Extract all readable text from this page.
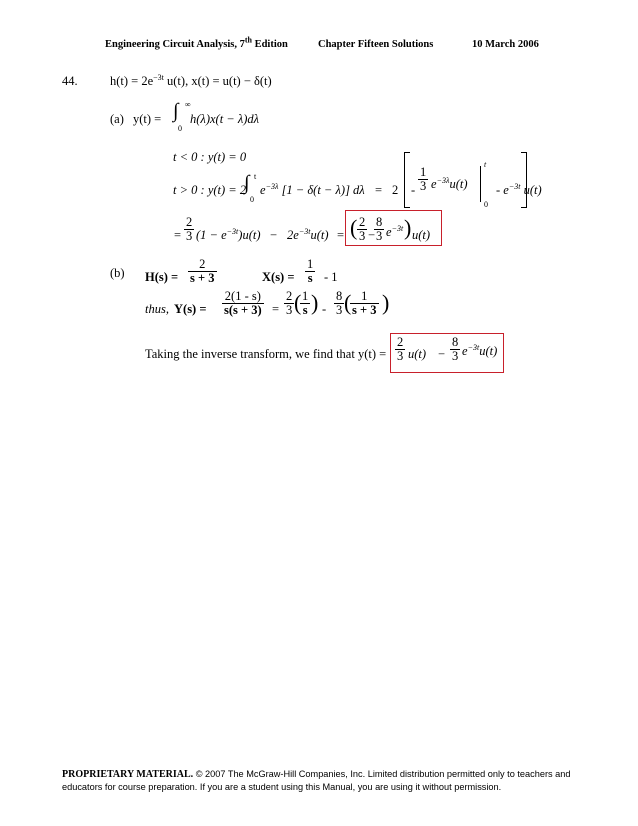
Engineering Circuit Analysis, 7th Edition	Chapter Fifteen Solutions	10 March 2006
44.	$h(t) = 2e^{-3t}$ u(t), x(t) = u(t) − δ(t)
(a) y(t) = ∫ ∞
0
h(λ)x(t − λ)dλ
t < 0 : y(t) = 0
t > 0 : y(t) = 2
∫ t
0
$e^{-3\lambda}$ [1 − δ(t − λ)] $d\lambda = 2 - \frac{1}{3} e^{-3\lambda}u(t)$
t
0
- $e^{-3t}$ u(t)
= $\frac{2}{3} (1 - e^{-3t})u(t) - 2e^{-3t}u(t)$ = ( $\frac{2}{3}$ −
$\frac{8}{3} e^{-3t}$ ) u(t)
(b) $H(s) = \frac{2}{s + 3}$	$X(s) = \frac{1}{s} - 1$
thus, $Y(s) = \frac{2(1 - s)}{s(s + 3)} = \frac{2}{3}$ (
$\frac{1}{s}$ ) - $\frac{8}{3}$ (
$\frac{1}{s + 3}$ )
Taking the inverse transform, we find that $y(t) = \frac{2}{3} u(t) - \frac{8}{3} e^{-3t}u(t)$
PROPRIETARY MATERIAL. © 2007 The McGraw-Hill Companies, Inc. Limited distribution permitted only to teachers and educators for course preparation. If you are a student using this Manual, you are using it without permission.
